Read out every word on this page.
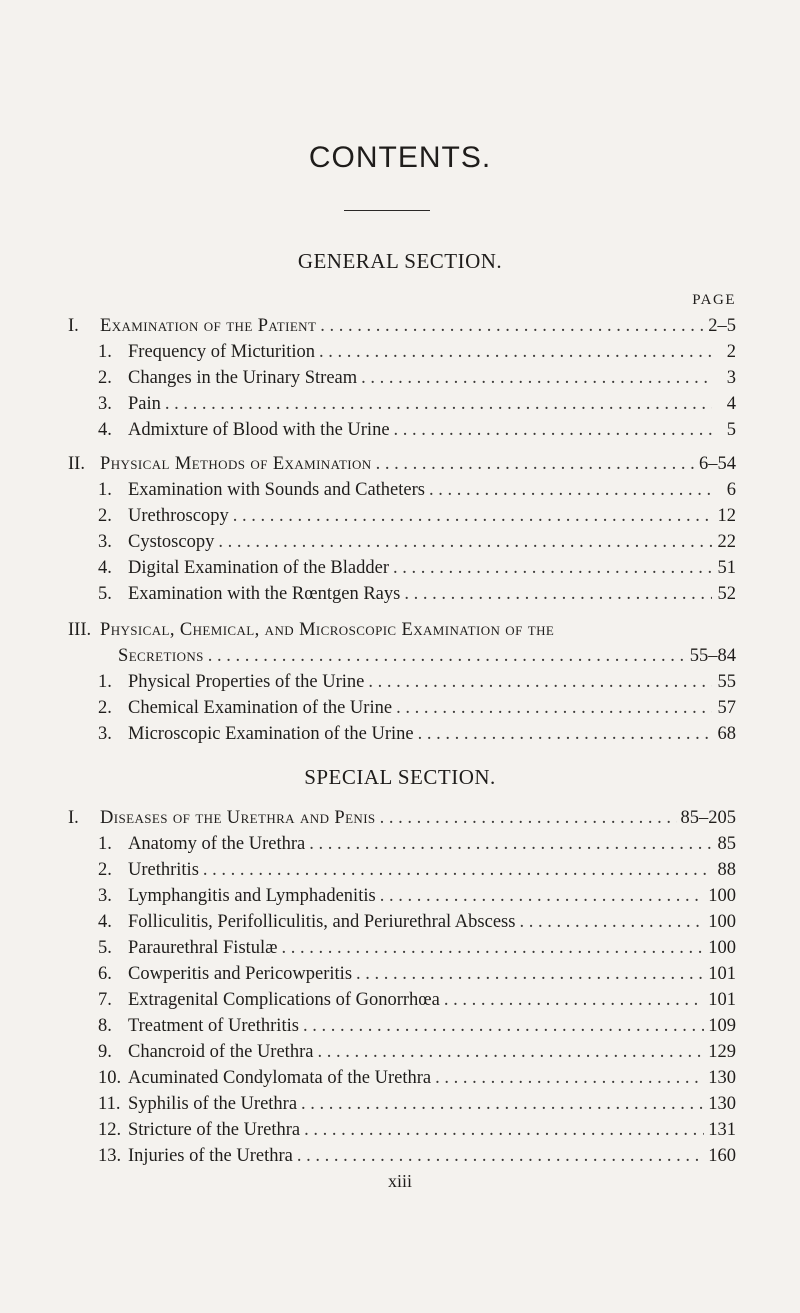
CONTENTS.
GENERAL SECTION.
PAGE
I.	Examination of the Patient . . .	2–5
1. Frequency of Micturition . . .	2
2. Changes in the Urinary Stream . . .	3
3. Pain . . .	4
4. Admixture of Blood with the Urine . . .	5
II. Physical Methods of Examination . . .	6–54
1. Examination with Sounds and Catheters . . .	6
2. Urethroscopy . . .	12
3. Cystoscopy . . .	22
4. Digital Examination of the Bladder . . .	51
5. Examination with the Rœntgen Rays . . .	52
III. Physical, Chemical, and Microscopic Examination of the
Secretions . . .	55–84
1. Physical Properties of the Urine . . .	55
2. Chemical Examination of the Urine . . .	57
3. Microscopic Examination of the Urine . . .	68
SPECIAL SECTION.
I.	Diseases of the Urethra and Penis . . .	85–205
1. Anatomy of the Urethra . . .	85
2. Urethritis . . .	88
3. Lymphangitis and Lymphadenitis . . .	100
4. Folliculitis, Perifolliculitis, and Periurethral Abscess . . .	100
5. Paraurethral Fistulæ . . .	100
6. Cowperitis and Pericowperitis . . .	101
7. Extragenital Complications of Gonorrhœa . . .	101
8. Treatment of Urethritis . . .	109
9. Chancroid of the Urethra . . .	129
10. Acuminated Condylomata of the Urethra . . .	130
11. Syphilis of the Urethra . . .	130
12. Stricture of the Urethra . . .	131
13. Injuries of the Urethra . . .	160
xiii
